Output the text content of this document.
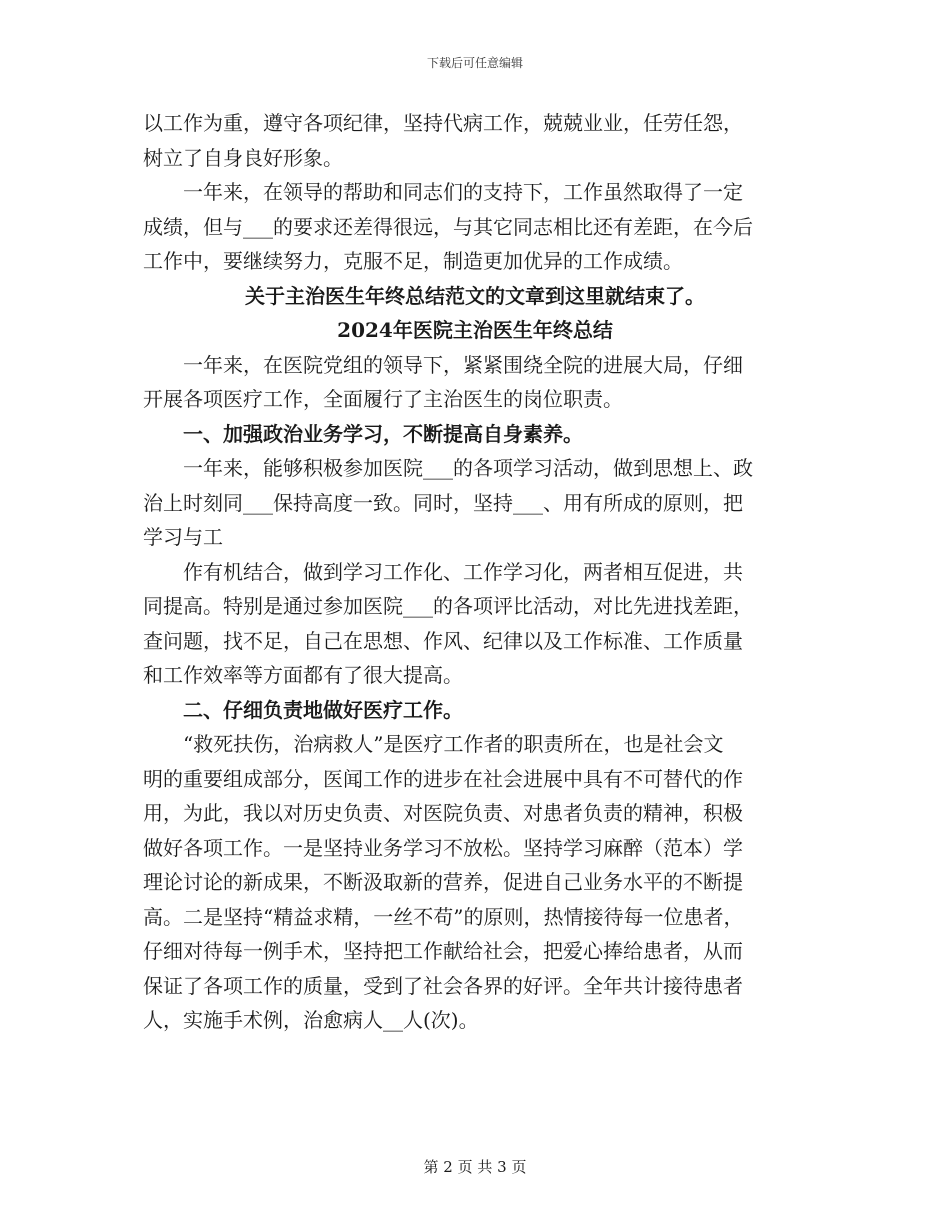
下载后可任意编辑
以工作为重，遵守各项纪律，坚持代病工作，兢兢业业，任劳任怨，
树立了自身良好形象。
一年来，在领导的帮助和同志们的支持下，工作虽然取得了一定
成绩，但与___的要求还差得很远，与其它同志相比还有差距，在今后
工作中，要继续努力，克服不足，制造更加优异的工作成绩。
关于主治医生年终总结范文的文章到这里就结束了。
2024年医院主治医生年终总结
一年来，在医院党组的领导下，紧紧围绕全院的进展大局，仔细
开展各项医疗工作，全面履行了主治医生的岗位职责。
一、加强政治业务学习，不断提高自身素养。
一年来，能够积极参加医院___的各项学习活动，做到思想上、政
治上时刻同___保持高度一致。同时，坚持___、用有所成的原则，把
学习与工
作有机结合，做到学习工作化、工作学习化，两者相互促进，共
同提高。特别是通过参加医院___的各项评比活动，对比先进找差距，
查问题，找不足，自己在思想、作风、纪律以及工作标准、工作质量
和工作效率等方面都有了很大提高。
二、仔细负责地做好医疗工作。
“救死扶伤，治病救人”是医疗工作者的职责所在，也是社会文
明的重要组成部分，医闻工作的进步在社会进展中具有不可替代的作
用，为此，我以对历史负责、对医院负责、对患者负责的精神，积极
做好各项工作。一是坚持业务学习不放松。坚持学习麻醉（范本）学
理论讨论的新成果，不断汲取新的营养，促进自己业务水平的不断提
高。二是坚持“精益求精，一丝不苟”的原则，热情接待每一位患者，
仔细对待每一例手术，坚持把工作献给社会，把爱心捧给患者，从而
保证了各项工作的质量，受到了社会各界的好评。全年共计接待患者
人，实施手术例，治愈病人__人(次)。
第 2 页 共 3 页
